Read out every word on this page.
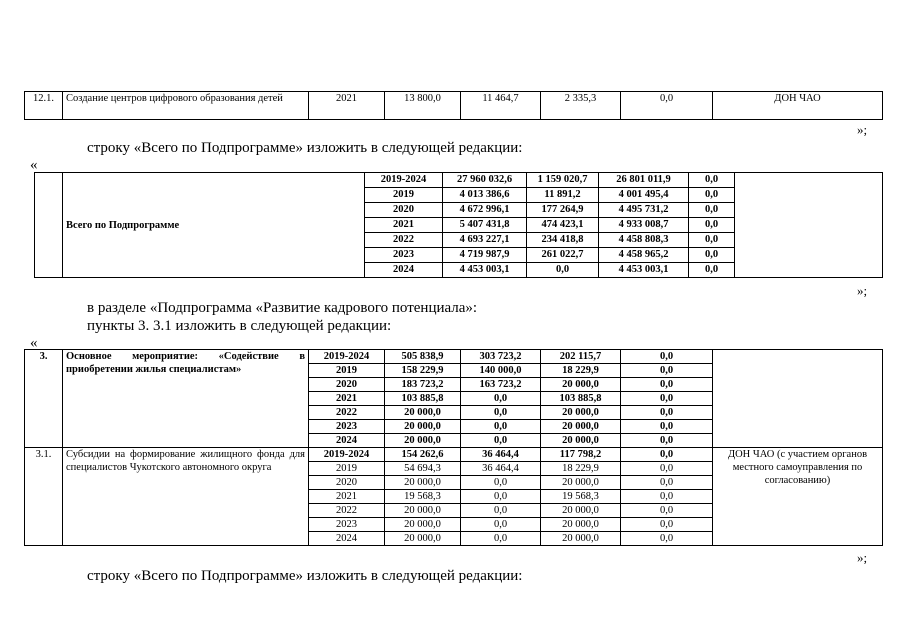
12.1.	Создание центров цифрового образования детей	2021	13 800,0	11 464,7	2 335,3	0,0	ДОН ЧАО
»;
строку «Всего по Подпрограмме» изложить в следующей редакции:
«
	Всего по Подпрограмме	2019-2024	27 960 032,6	1 159 020,7	26 801 011,9	0,0	
		2019	4 013 386,6	11 891,2	4 001 495,4	0,0	
		2020	4 672 996,1	177 264,9	4 495 731,2	0,0	
		2021	5 407 431,8	474 423,1	4 933 008,7	0,0	
		2022	4 693 227,1	234 418,8	4 458 808,3	0,0	
		2023	4 719 987,9	261 022,7	4 458 965,2	0,0	
		2024	4 453 003,1	0,0	4 453 003,1	0,0	
»;
в разделе «Подпрограмма «Развитие кадрового потенциала»:
пункты 3. 3.1 изложить в следующей редакции:
«
3.	Основное мероприятие: «Содействие в приобретении жилья специалистам»	2019-2024	505 838,9	303 723,2	202 115,7	0,0	
		2019	158 229,9	140 000,0	18 229,9	0,0	
		2020	183 723,2	163 723,2	20 000,0	0,0	
		2021	103 885,8	0,0	103 885,8	0,0	
		2022	20 000,0	0,0	20 000,0	0,0	
		2023	20 000,0	0,0	20 000,0	0,0	
		2024	20 000,0	0,0	20 000,0	0,0	
3.1.	Субсидии на формирование жилищного фонда для специалистов Чукотского автономного округа	2019-2024	154 262,6	36 464,4	117 798,2	0,0	ДОН ЧАО (с участием органов местного самоуправления по согласованию)
		2019	54 694,3	36 464,4	18 229,9	0,0	
		2020	20 000,0	0,0	20 000,0	0,0	
		2021	19 568,3	0,0	19 568,3	0,0	
		2022	20 000,0	0,0	20 000,0	0,0	
		2023	20 000,0	0,0	20 000,0	0,0	
		2024	20 000,0	0,0	20 000,0	0,0	
»;
строку «Всего по Подпрограмме» изложить в следующей редакции:
